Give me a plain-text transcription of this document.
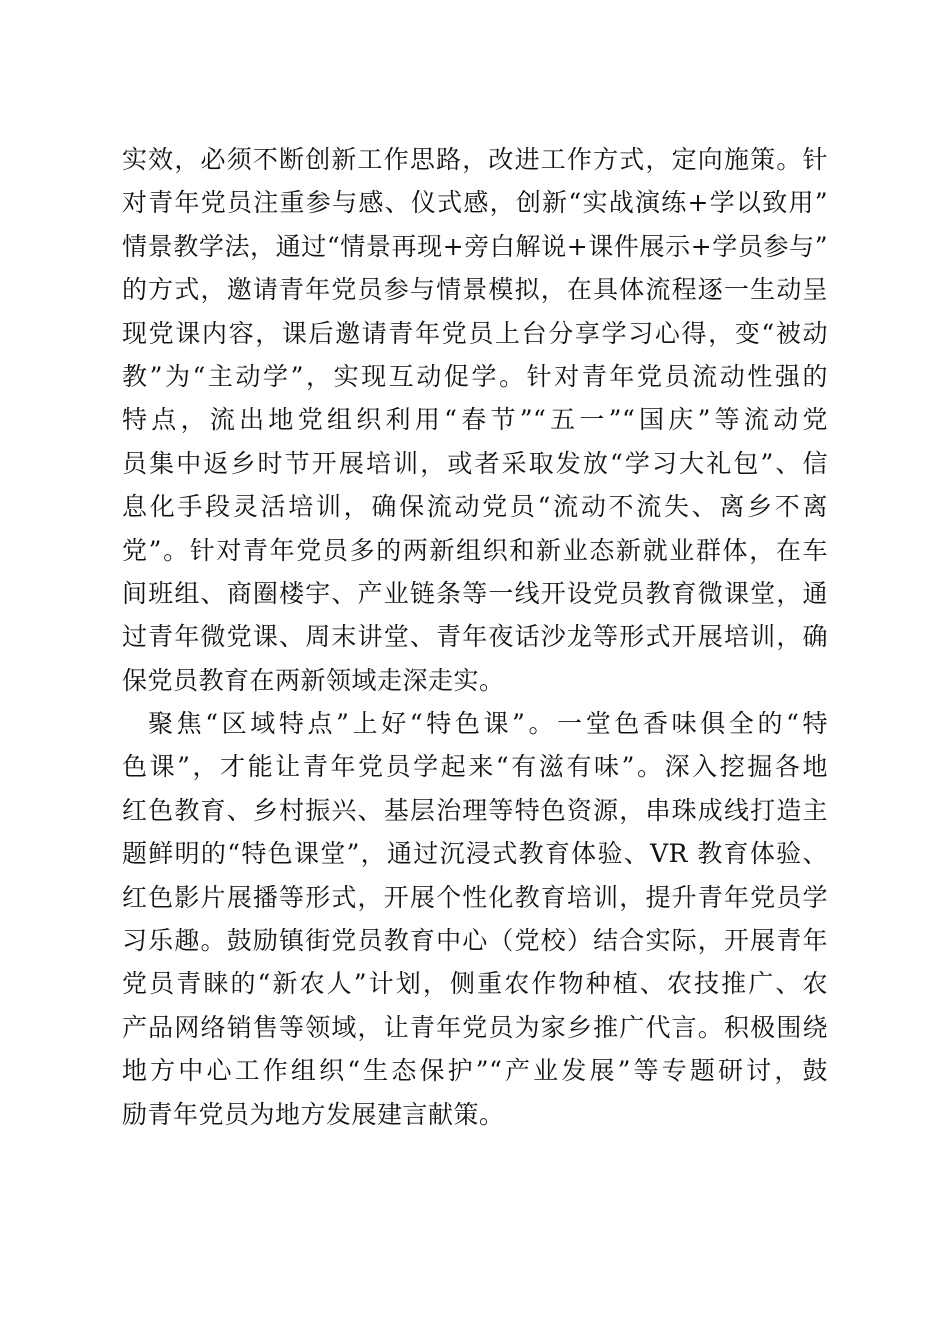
实效，必须不断创新工作思路，改进工作方式，定向施策。针
对青年党员注重参与感、仪式感，创新“实战演练+学以致用”
情景教学法，通过“情景再现+旁白解说+课件展示+学员参与”
的方式，邀请青年党员参与情景模拟，在具体流程逐一生动呈
现党课内容，课后邀请青年党员上台分享学习心得，变“被动
教”为“主动学”，实现互动促学。针对青年党员流动性强的
特点，流出地党组织利用“春节”“五一”“国庆”等流动党
员集中返乡时节开展培训，或者采取发放“学习大礼包”、信
息化手段灵活培训，确保流动党员“流动不流失、离乡不离
党”。针对青年党员多的两新组织和新业态新就业群体，在车
间班组、商圈楼宇、产业链条等一线开设党员教育微课堂，通
过青年微党课、周末讲堂、青年夜话沙龙等形式开展培训，确
保党员教育在两新领域走深走实。
聚焦“区域特点”上好“特色课”。一堂色香味俱全的“特
色课”，才能让青年党员学起来“有滋有味”。深入挖掘各地
红色教育、乡村振兴、基层治理等特色资源，串珠成线打造主
题鲜明的“特色课堂”，通过沉浸式教育体验、VR 教育体验、
红色影片展播等形式，开展个性化教育培训，提升青年党员学
习乐趣。鼓励镇街党员教育中心（党校）结合实际，开展青年
党员青睐的“新农人”计划，侧重农作物种植、农技推广、农
产品网络销售等领域，让青年党员为家乡推广代言。积极围绕
地方中心工作组织“生态保护”“产业发展”等专题研讨，鼓
励青年党员为地方发展建言献策。
